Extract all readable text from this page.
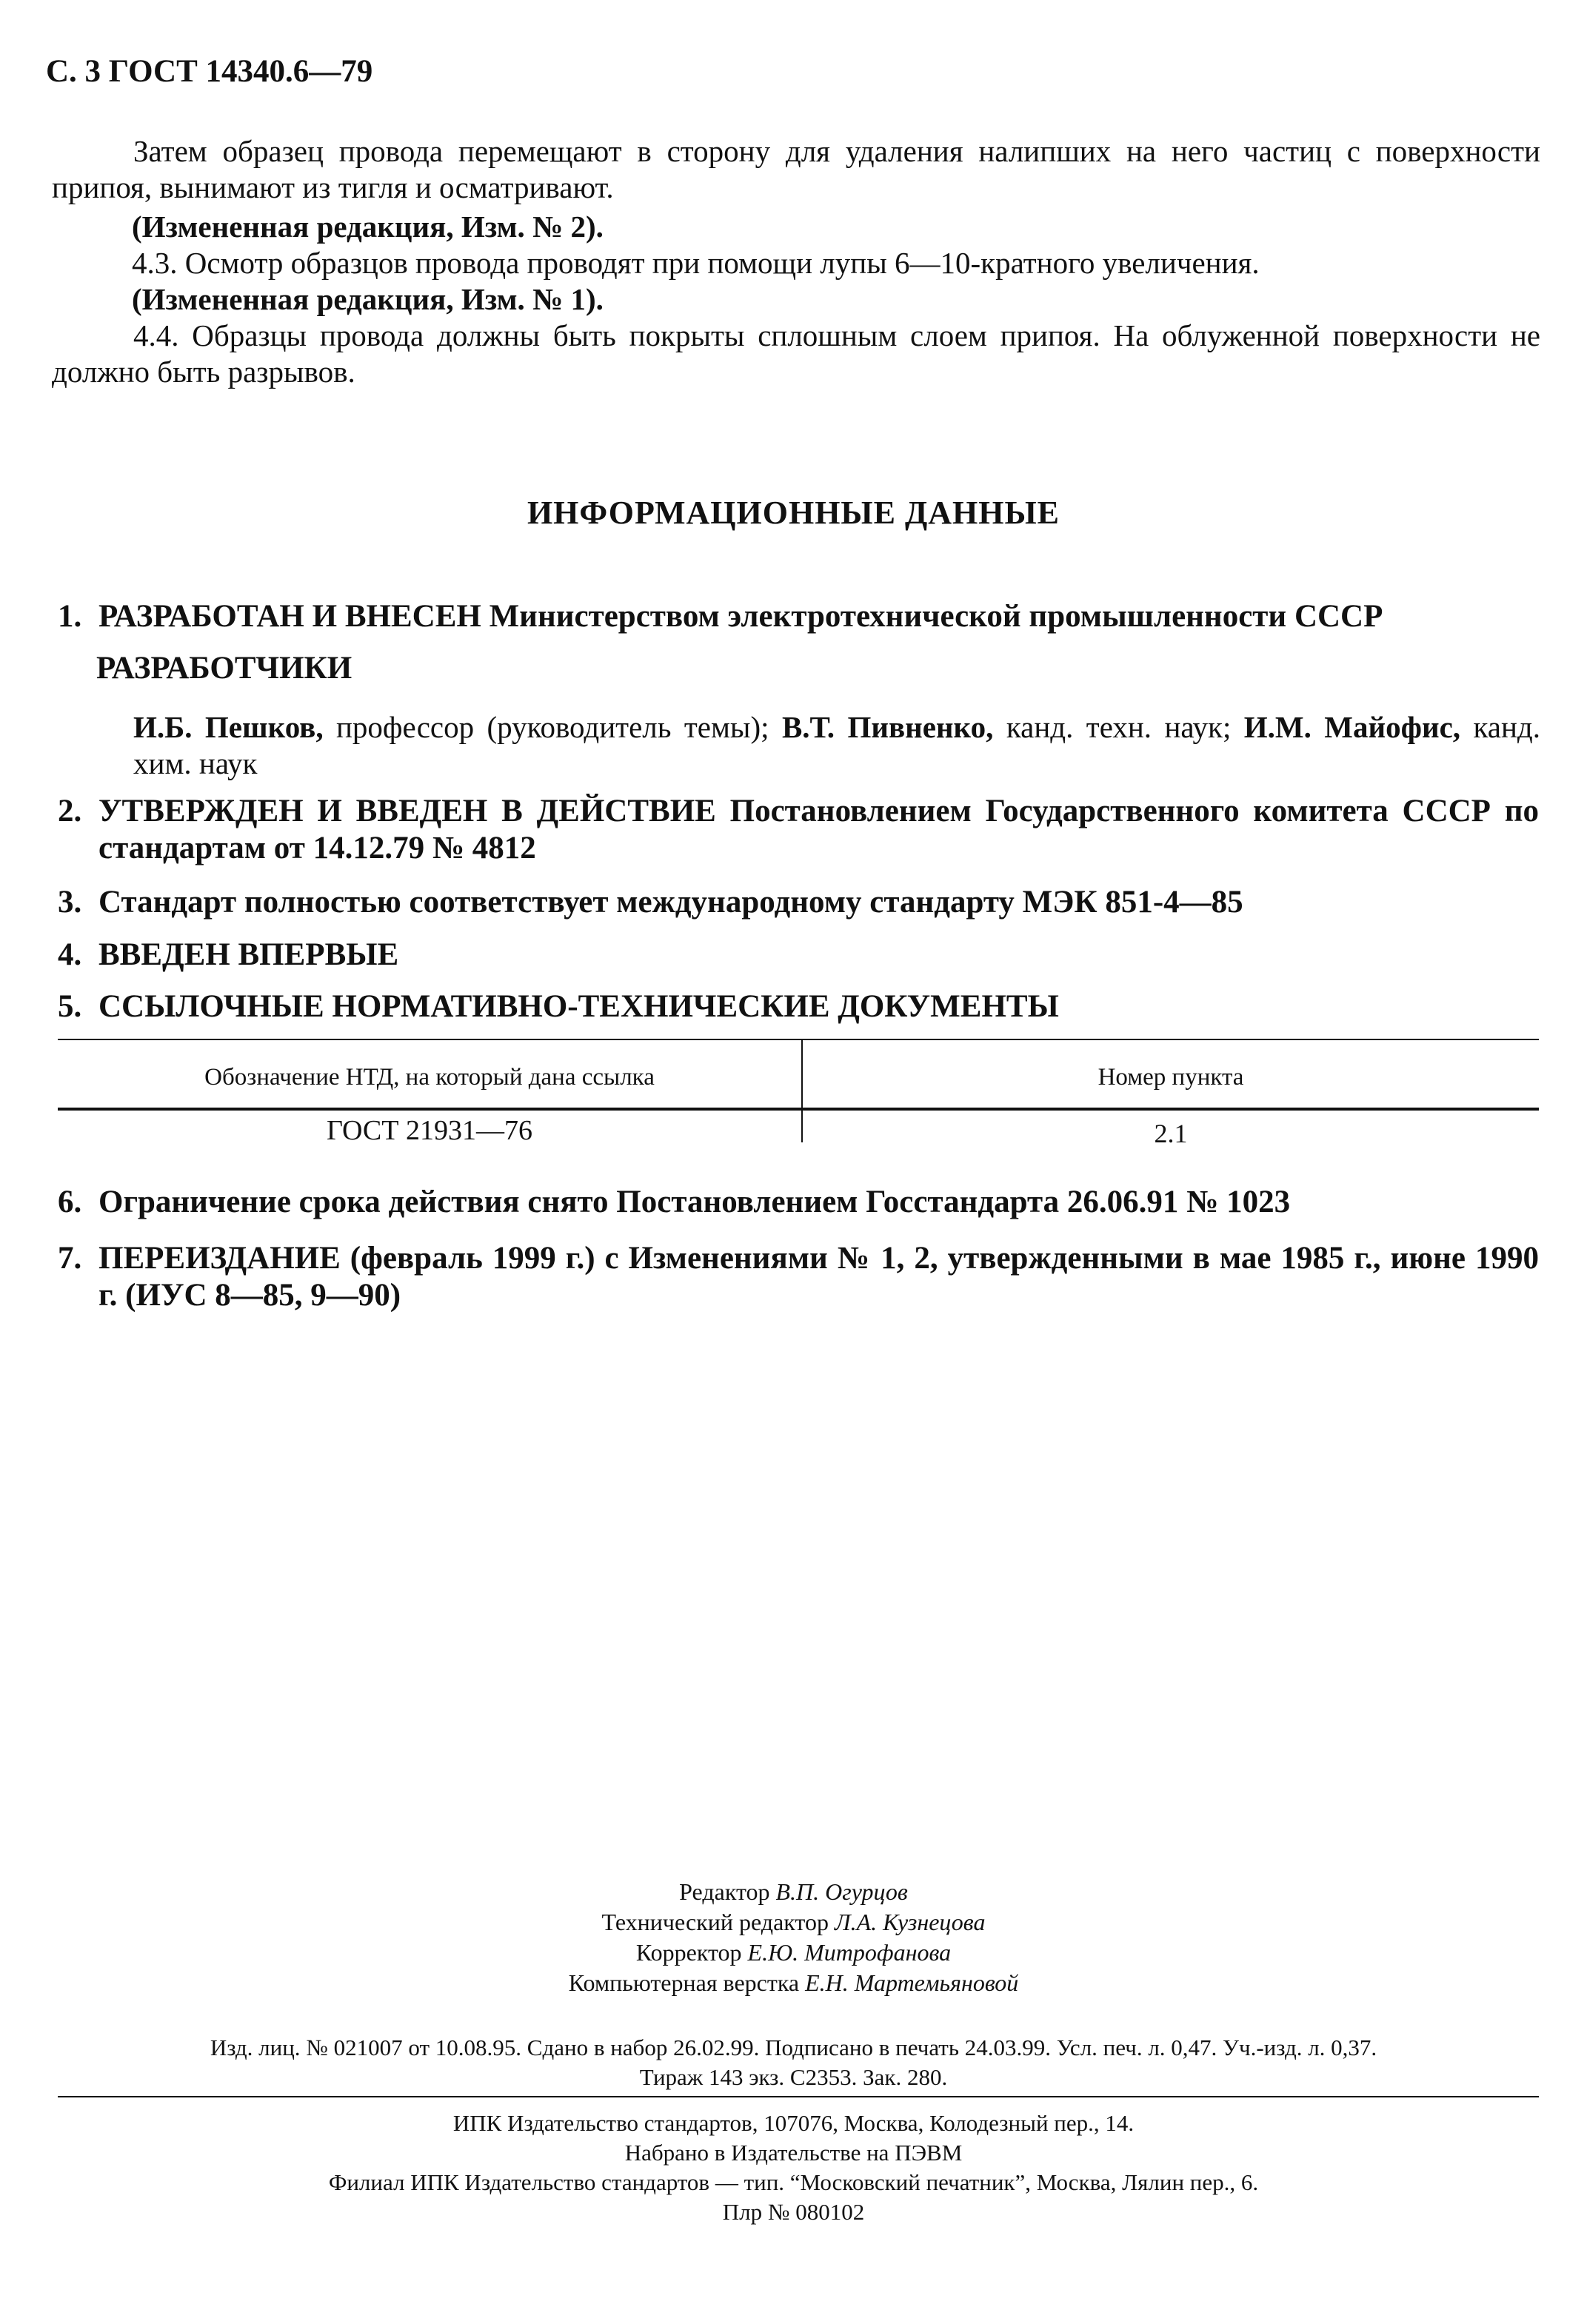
С. 3 ГОСТ 14340.6—79
Затем образец провода перемещают в сторону для удаления налипших на него частиц с поверхности припоя, вынимают из тигля и осматривают.
(Измененная редакция, Изм. № 2).
4.3. Осмотр образцов провода проводят при помощи лупы 6—10-кратного увеличения.
(Измененная редакция, Изм. № 1).
4.4. Образцы провода должны быть покрыты сплошным слоем припоя. На облуженной поверхности не должно быть разрывов.
ИНФОРМАЦИОННЫЕ ДАННЫЕ
1. РАЗРАБОТАН И ВНЕСЕН Министерством электротехнической промышленности СССР
РАЗРАБОТЧИКИ
И.Б. Пешков, профессор (руководитель темы); В.Т. Пивненко, канд. техн. наук; И.М. Майофис, канд. хим. наук
2. УТВЕРЖДЕН И ВВЕДЕН В ДЕЙСТВИЕ Постановлением Государственного комитета СССР по стандартам от 14.12.79 № 4812
3. Стандарт полностью соответствует международному стандарту МЭК 851-4—85
4. ВВЕДЕН ВПЕРВЫЕ
5. ССЫЛОЧНЫЕ НОРМАТИВНО-ТЕХНИЧЕСКИЕ ДОКУМЕНТЫ
Обозначение НТД, на который дана ссылка	Номер пункта
ГОСТ 21931—76	2.1
6. Ограничение срока действия снято Постановлением Госстандарта 26.06.91 № 1023
7. ПЕРЕИЗДАНИЕ (февраль 1999 г.) с Изменениями № 1, 2, утвержденными в мае 1985 г., июне 1990 г. (ИУС 8—85, 9—90)
Редактор В.П. Огурцов
Технический редактор Л.А. Кузнецова
Корректор Е.Ю. Митрофанова
Компьютерная верстка Е.Н. Мартемьяновой
Изд. лиц. № 021007 от 10.08.95. Сдано в набор 26.02.99. Подписано в печать 24.03.99. Усл. печ. л. 0,47. Уч.-изд. л. 0,37.
Тираж 143 экз. С2353. Зак. 280.
ИПК Издательство стандартов, 107076, Москва, Колодезный пер., 14.
Набрано в Издательстве на ПЭВМ
Филиал ИПК Издательство стандартов — тип. “Московский печатник”, Москва, Лялин пер., 6.
Плр № 080102
